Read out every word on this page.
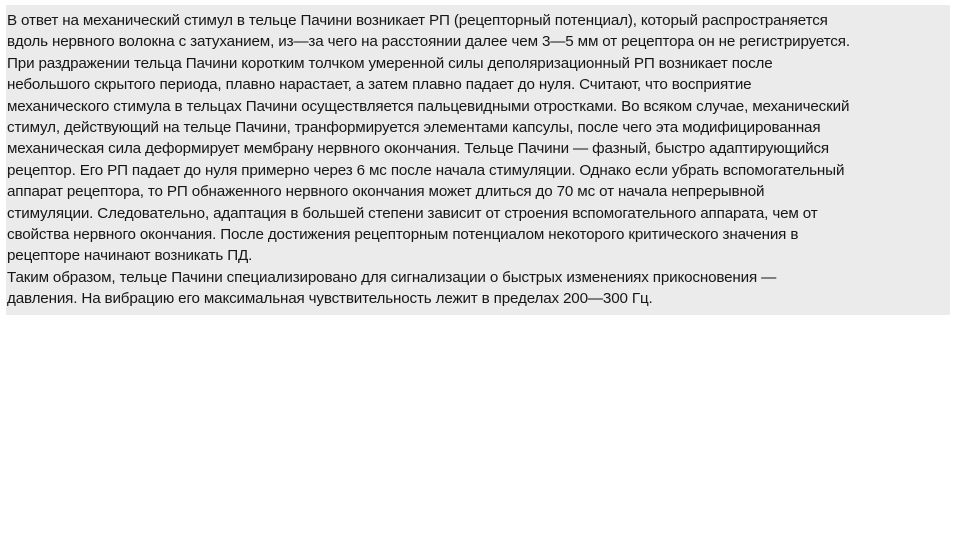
В ответ на механический стимул в тельце Пачини возникает РП (рецепторный потенциал), который распространяется
вдоль нервного волокна с затуханием, из—за чего на расстоянии далее чем 3—5 мм от рецептора он не регистрируется.
При раздражении тельца Пачини коротким толчком умеренной силы деполяризационный РП возникает после
небольшого скрытого периода, плавно нарастает, а затем плавно падает до нуля. Считают, что восприятие
механического стимула в тельцах Пачини осуществляется пальцевидными отростками. Во всяком случае, механический
стимул, действующий на тельце Пачини, транформируется элементами капсулы, после чего эта модифицированная
механическая сила деформирует мембрану нервного окончания. Тельце Пачини — фазный, быстро адаптирующийся
рецептор. Его РП падает до нуля примерно через 6 мс после начала стимуляции. Однако если убрать вспомогательный
аппарат рецептора, то РП обнаженного нервного окончания может длиться до 70 мс от начала непрерывной
стимуляции. Следовательно, адаптация в большей степени зависит от строения вспомогательного аппарата, чем от
свойства нервного окончания. После достижения рецепторным потенциалом некоторого критического значения в
рецепторе начинают возникать ПД.
Таким образом, тельце Пачини специализировано для сигнализации о быстрых изменениях прикосновения —
давления. На вибрацию его максимальная чувствительность лежит в пределах 200—300 Гц.
